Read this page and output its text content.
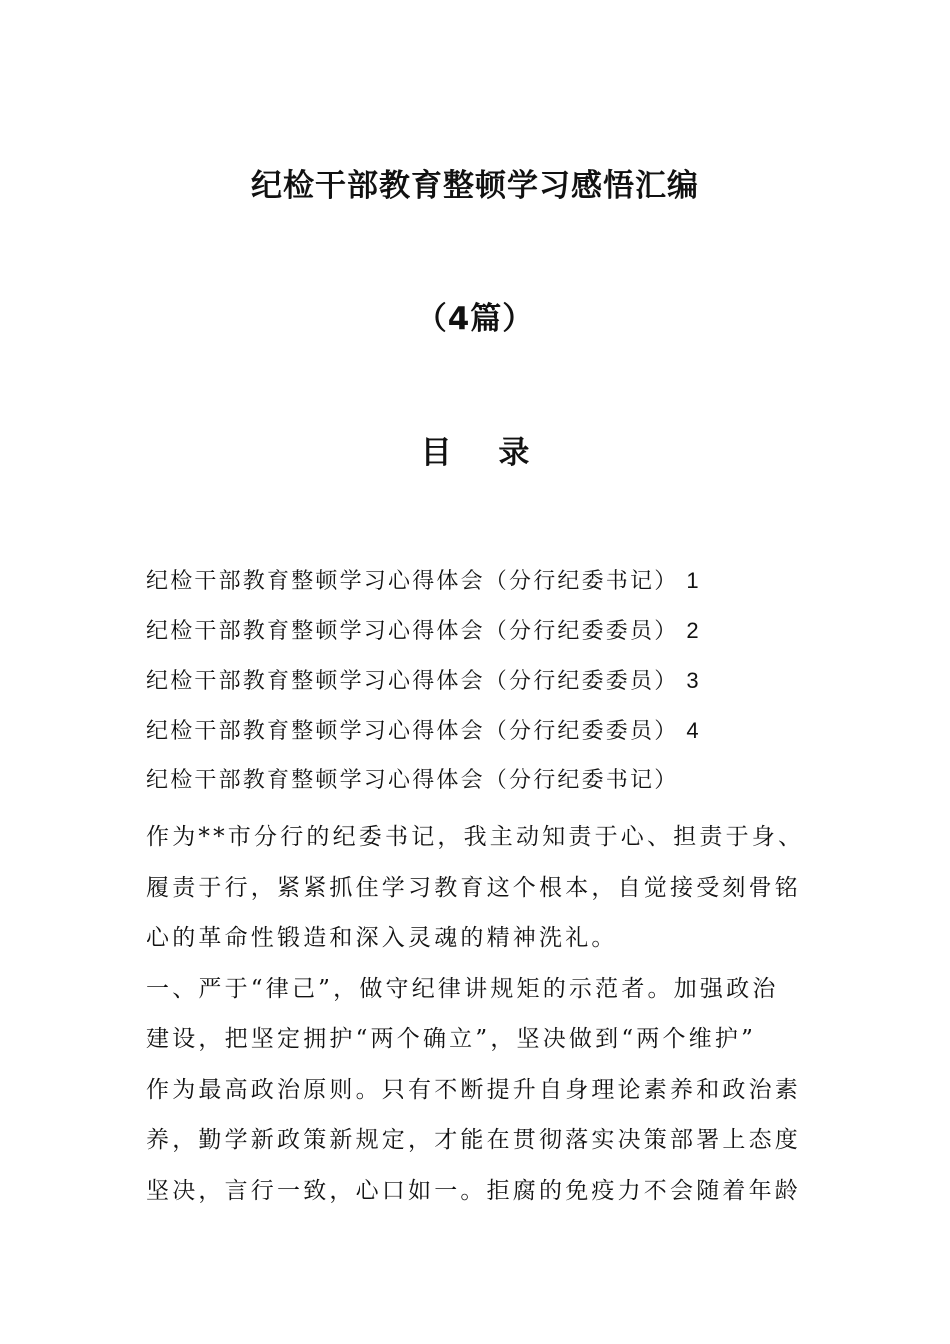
纪检干部教育整顿学习感悟汇编
（4篇）
目 录
纪检干部教育整顿学习心得体会（分行纪委书记） 1
纪检干部教育整顿学习心得体会（分行纪委委员） 2
纪检干部教育整顿学习心得体会（分行纪委委员） 3
纪检干部教育整顿学习心得体会（分行纪委委员） 4
纪检干部教育整顿学习心得体会（分行纪委书记）

作为**市分行的纪委书记，我主动知责于心、担责于身、
履责于行，紧紧抓住学习教育这个根本，自觉接受刻骨铭
心的革命性锻造和深入灵魂的精神洗礼。

一、严于“律己”，做守纪律讲规矩的示范者。加强政治
建设，把坚定拥护“两个确立”，坚决做到“两个维护”
作为最高政治原则。只有不断提升自身理论素养和政治素
养，勤学新政策新规定，才能在贯彻落实决策部署上态度
坚决，言行一致，心口如一。拒腐的免疫力不会随着年龄
